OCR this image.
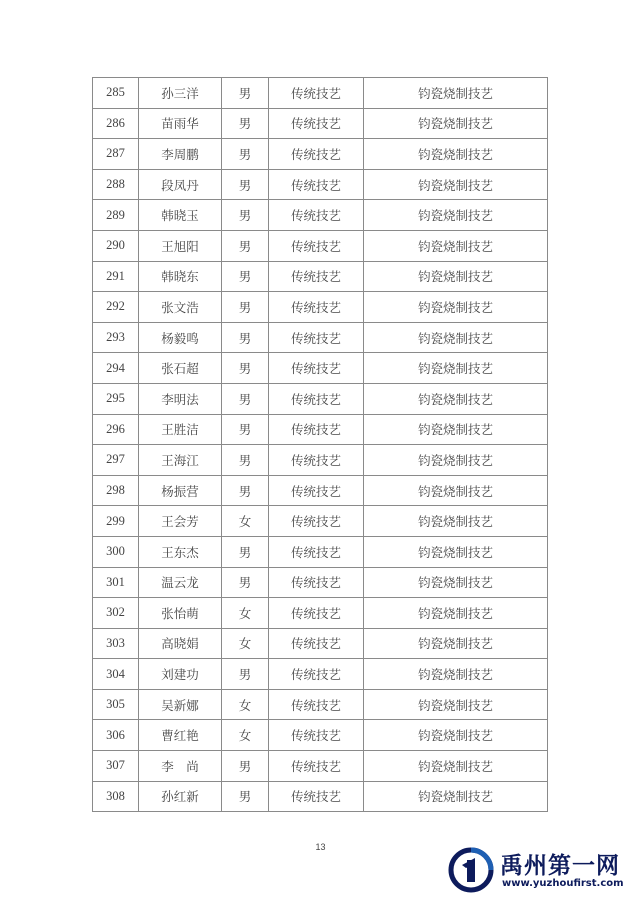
285	孙三洋	男	传统技艺	钧瓷烧制技艺
286	苗雨华	男	传统技艺	钧瓷烧制技艺
287	李周鹏	男	传统技艺	钧瓷烧制技艺
288	段凤丹	男	传统技艺	钧瓷烧制技艺
289	韩晓玉	男	传统技艺	钧瓷烧制技艺
290	王旭阳	男	传统技艺	钧瓷烧制技艺
291	韩晓东	男	传统技艺	钧瓷烧制技艺
292	张文浩	男	传统技艺	钧瓷烧制技艺
293	杨毅鸣	男	传统技艺	钧瓷烧制技艺
294	张石超	男	传统技艺	钧瓷烧制技艺
295	李明法	男	传统技艺	钧瓷烧制技艺
296	王胜洁	男	传统技艺	钧瓷烧制技艺
297	王海江	男	传统技艺	钧瓷烧制技艺
298	杨振营	男	传统技艺	钧瓷烧制技艺
299	王会芳	女	传统技艺	钧瓷烧制技艺
300	王东杰	男	传统技艺	钧瓷烧制技艺
301	温云龙	男	传统技艺	钧瓷烧制技艺
302	张怡萌	女	传统技艺	钧瓷烧制技艺
303	高晓娟	女	传统技艺	钧瓷烧制技艺
304	刘建功	男	传统技艺	钧瓷烧制技艺
305	吴新娜	女	传统技艺	钧瓷烧制技艺
306	曹红艳	女	传统技艺	钧瓷烧制技艺
307	李　尚	男	传统技艺	钧瓷烧制技艺
308	孙红新	男	传统技艺	钧瓷烧制技艺
13
禹州第一网
www.yuzhoufirst.com
